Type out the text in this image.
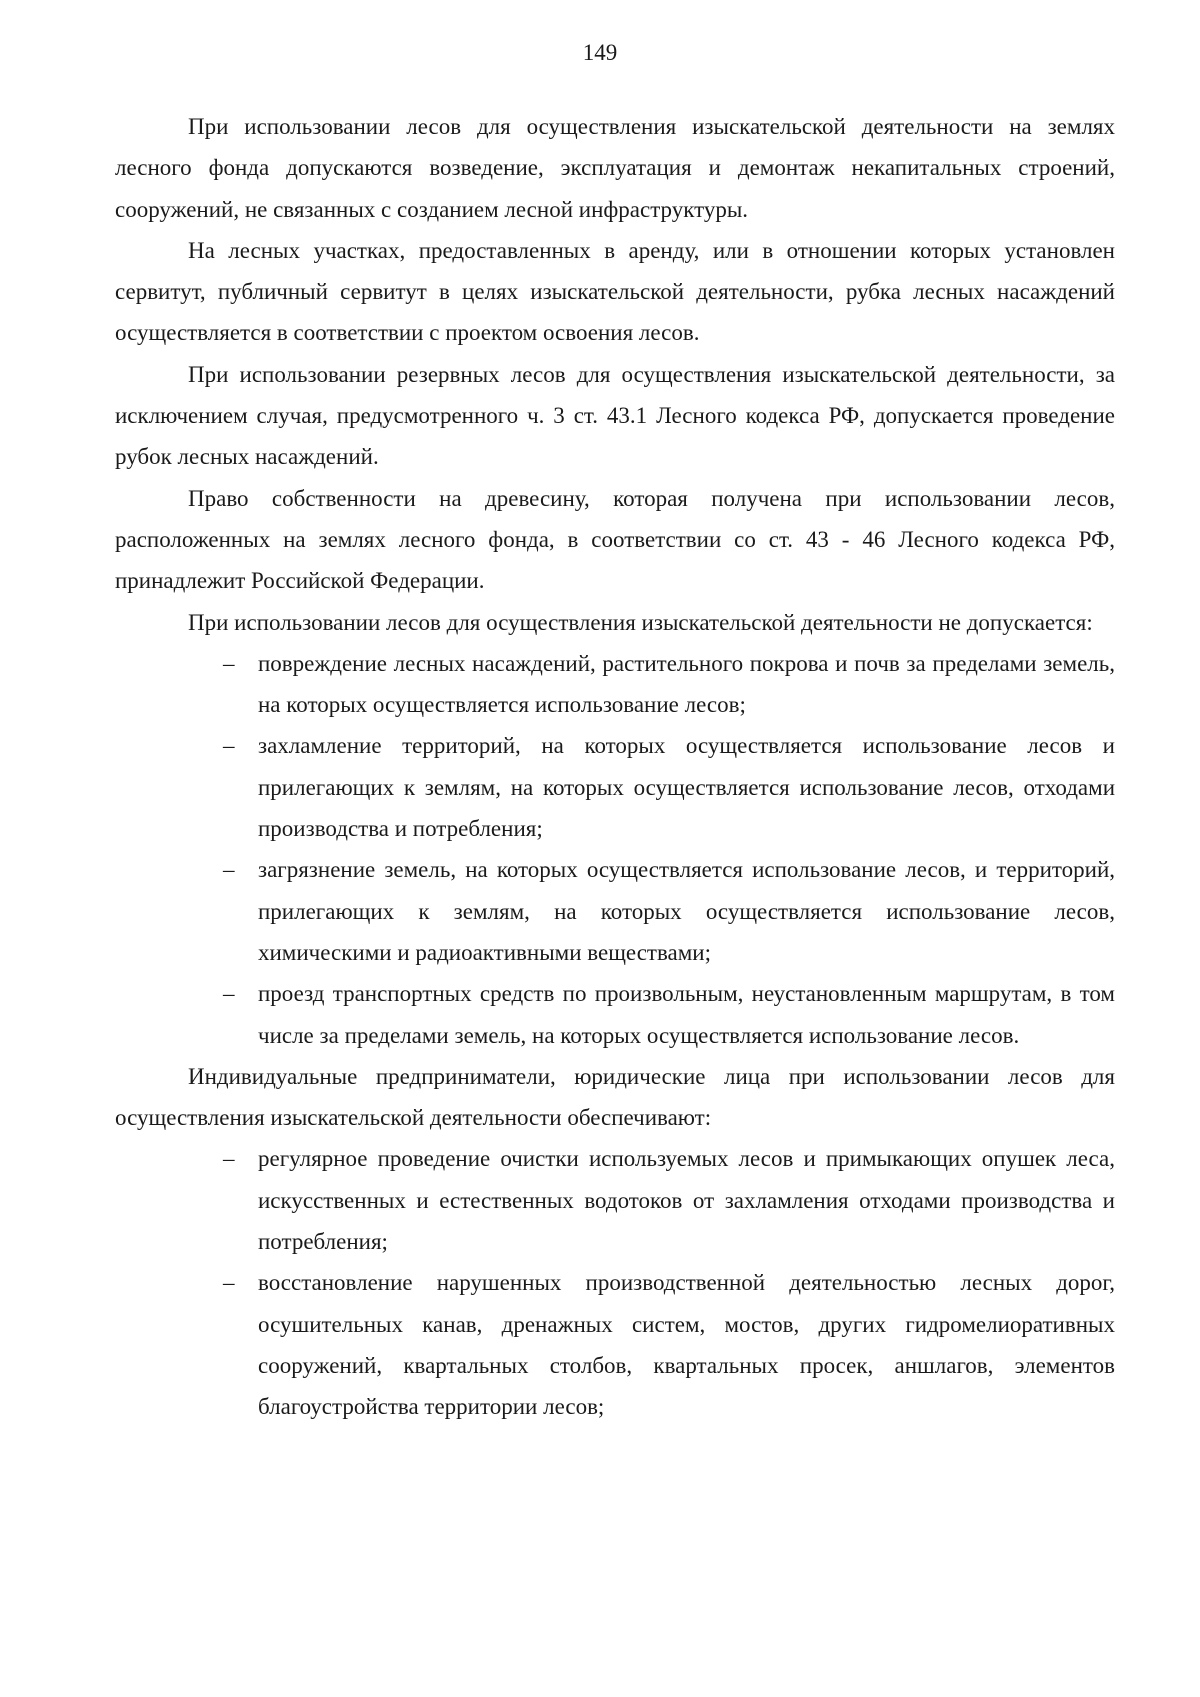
149

При использовании лесов для осуществления изыскательской деятельности на землях лесного фонда допускаются возведение, эксплуатация и демонтаж некапитальных строений, сооружений, не связанных с созданием лесной инфраструктуры.

На лесных участках, предоставленных в аренду, или в отношении которых установлен сервитут, публичный сервитут в целях изыскательской деятельности, рубка лесных насаждений осуществляется в соответствии с проектом освоения лесов.

При использовании резервных лесов для осуществления изыскательской деятельности, за исключением случая, предусмотренного ч. 3 ст. 43.1 Лесного кодекса РФ, допускается проведение рубок лесных насаждений.

Право собственности на древесину, которая получена при использовании лесов, расположенных на землях лесного фонда, в соответствии со ст. 43 - 46 Лесного кодекса РФ, принадлежит Российской Федерации.

При использовании лесов для осуществления изыскательской деятельности не допускается:

– повреждение лесных насаждений, растительного покрова и почв за пределами земель, на которых осуществляется использование лесов;
– захламление территорий, на которых осуществляется использование лесов и прилегающих к землям, на которых осуществляется использование лесов, отходами производства и потребления;
– загрязнение земель, на которых осуществляется использование лесов, и территорий, прилегающих к землям, на которых осуществляется использование лесов, химическими и радиоактивными веществами;
– проезд транспортных средств по произвольным, неустановленным маршрутам, в том числе за пределами земель, на которых осуществляется использование лесов.

Индивидуальные предприниматели, юридические лица при использовании лесов для осуществления изыскательской деятельности обеспечивают:

– регулярное проведение очистки используемых лесов и примыкающих опушек леса, искусственных и естественных водотоков от захламления отходами производства и потребления;
– восстановление нарушенных производственной деятельностью лесных дорог, осушительных канав, дренажных систем, мостов, других гидромелиоративных сооружений, квартальных столбов, квартальных просек, аншлагов, элементов благоустройства территории лесов;
